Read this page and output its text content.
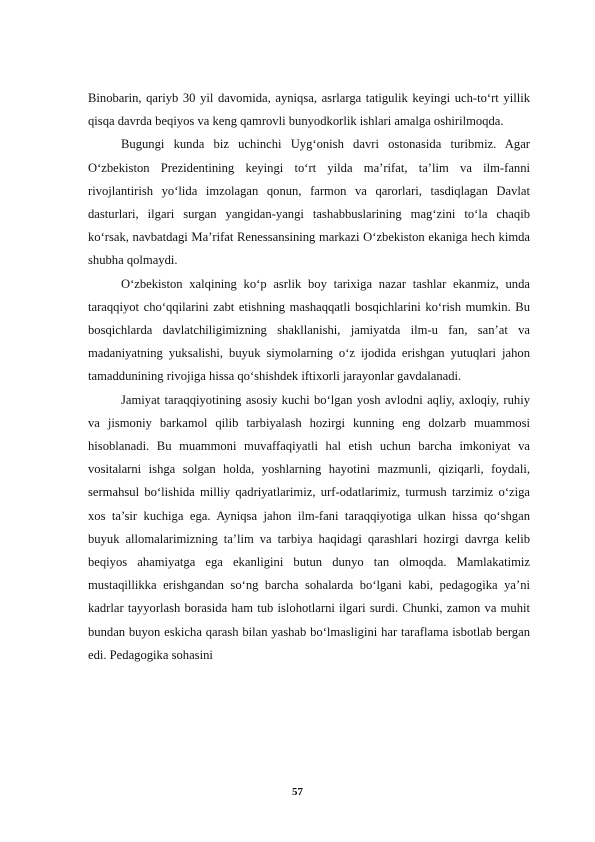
Binobarin, qariyb 30 yil davomida, ayniqsa, asrlarga tatigulik keyingi uch-to‘rt yillik qisqa davrda beqiyos va keng qamrovli bunyodkorlik ishlari amalga oshirilmoqda.

Bugungi kunda biz uchinchi Uyg‘onish davri ostonasida turibmiz. Agar O‘zbekiston Prezidentining keyingi to‘rt yilda ma’rifat, ta’lim va ilm-fanni rivojlantirish yo‘lida imzolagan qonun, farmon va qarorlari, tasdiqlagan Davlat dasturlari, ilgari surgan yangidan-yangi tashabbuslarining mag‘zini to‘la chaqib ko‘rsak, navbatdagi Ma’rifat Renessansining markazi O‘zbekiston ekaniga hech kimda shubha qolmaydi.

O‘zbekiston xalqining ko‘p asrlik boy tarixiga nazar tashlar ekanmiz, unda taraqqiyot cho‘qqilarini zabt etishning mashaqqatli bosqichlarini ko‘rish mumkin. Bu bosqichlarda davlatchiligimizning shakllanishi, jamiyatda ilm-u fan, san’at va madaniyatning yuksalishi, buyuk siymolarning o‘z ijodida erishgan yutuqlari jahon tamaddunining rivojiga hissa qo‘shishdek iftixorli jarayonlar gavdalanadi.

Jamiyat taraqqiyotining asosiy kuchi bo‘lgan yosh avlodni aqliy, axloqiy, ruhiy va jismoniy barkamol qilib tarbiyalash hozirgi kunning eng dolzarb muammosi hisoblanadi. Bu muammoni muvaffaqiyatli hal etish uchun barcha imkoniyat va vositalarni ishga solgan holda, yoshlarning hayotini mazmunli, qiziqarli, foydali, sermahsul bo‘lishida milliy qadriyatlarimiz, urf-odatlarimiz, turmush tarzimiz o‘ziga xos ta’sir kuchiga ega. Ayniqsa jahon ilm-fani taraqqiyotiga ulkan hissa qo‘shgan buyuk allomalarimizning ta’lim va tarbiya haqidagi qarashlari hozirgi davrga kelib beqiyos ahamiyatga ega ekanligini butun dunyo tan olmoqda. Mamlakatimiz mustaqillikka erishgandan so‘ng barcha sohalarda bo‘lgani kabi, pedagogika ya’ni kadrlar tayyorlash borasida ham tub islohotlarni ilgari surdi. Chunki, zamon va muhit bundan buyon eskicha qarash bilan yashab bo‘lmasligini har taraflama isbotlab bergan edi. Pedagogika sohasini

57
